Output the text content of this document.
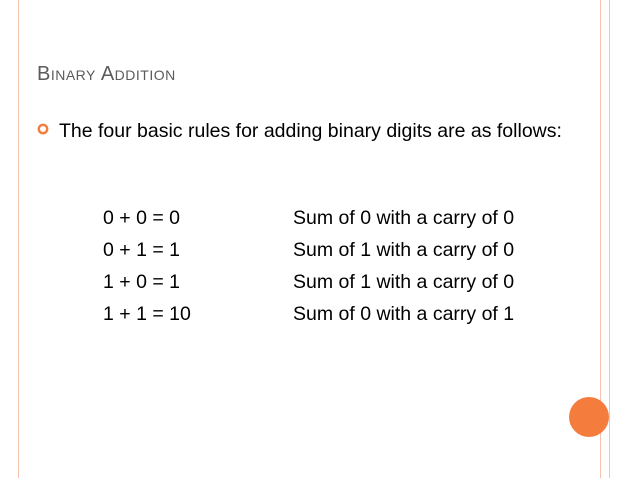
Binary Addition

The four basic rules for adding binary digits are as follows:

0 + 0 = 0	Sum of 0 with a carry of 0
0 + 1 = 1	Sum of 1 with a carry of 0
1 + 0 = 1	Sum of 1 with a carry of 0
1 + 1 = 10	Sum of 0 with a carry of 1
